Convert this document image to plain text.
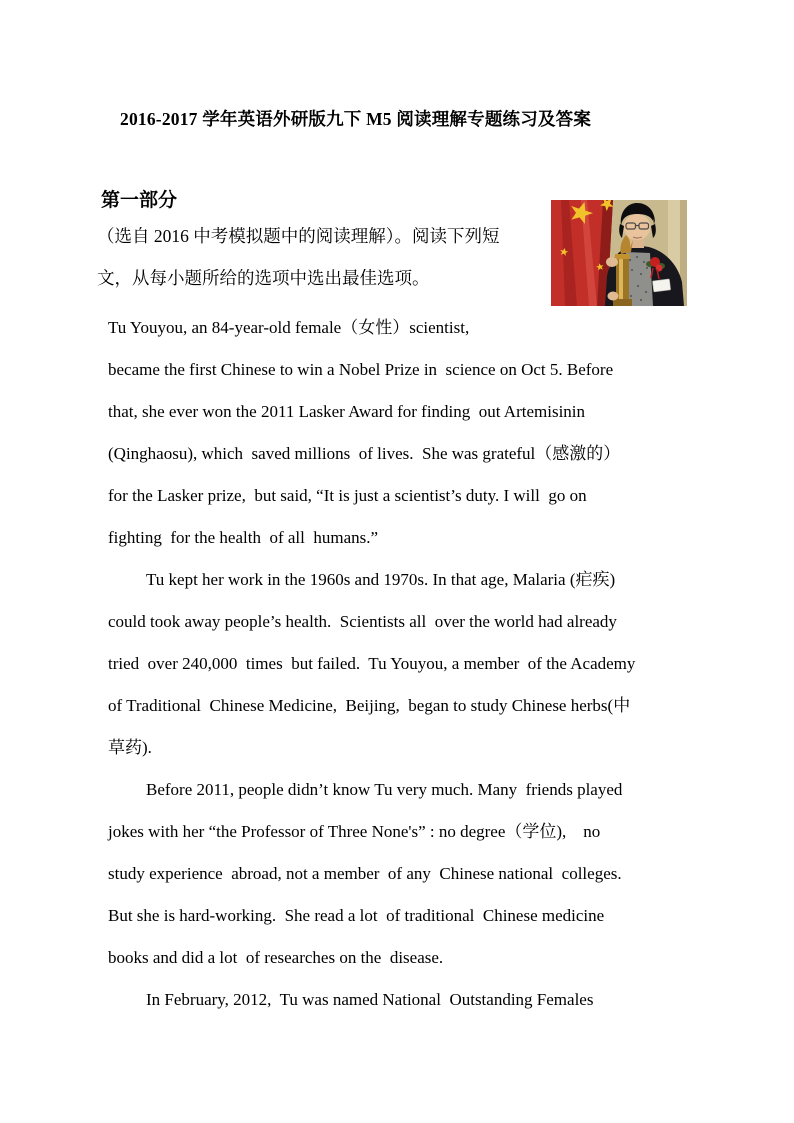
2016-2017 学年英语外研版九下 M5 阅读理解专题练习及答案
第一部分
（选自 2016 中考模拟题中的阅读理解）。阅读下列短
文，从每小题所给的选项中选出最佳选项。
Tu Youyou, an 84-year-old female（女性）scientist,
became the first Chinese to win a Nobel Prize in  science on Oct 5. Before
that, she ever won the 2011 Lasker Award for finding  out Artemisinin
(Qinghaosu), which  saved millions  of lives.  She was grateful（感激的）
for the Lasker prize,  but said, “It is just a scientist’s duty. I will  go on
fighting  for the health  of all  humans.”
Tu kept her work in the 1960s and 1970s. In that age, Malaria (疟疾)
could took away people’s health.  Scientists all  over the world had already
tried  over 240,000  times  but failed.  Tu Youyou, a member  of the Academy
of Traditional  Chinese Medicine,  Beijing,  began to study Chinese herbs(中
草药).
Before 2011, people didn’t know Tu very much. Many  friends played
jokes with her “the Professor of Three None's” : no degree（学位),    no
study experience  abroad, not a member  of any  Chinese national  colleges.
But she is hard-working.  She read a lot  of traditional  Chinese medicine
books and did a lot  of researches on the  disease.
In February, 2012,  Tu was named National  Outstanding Females
